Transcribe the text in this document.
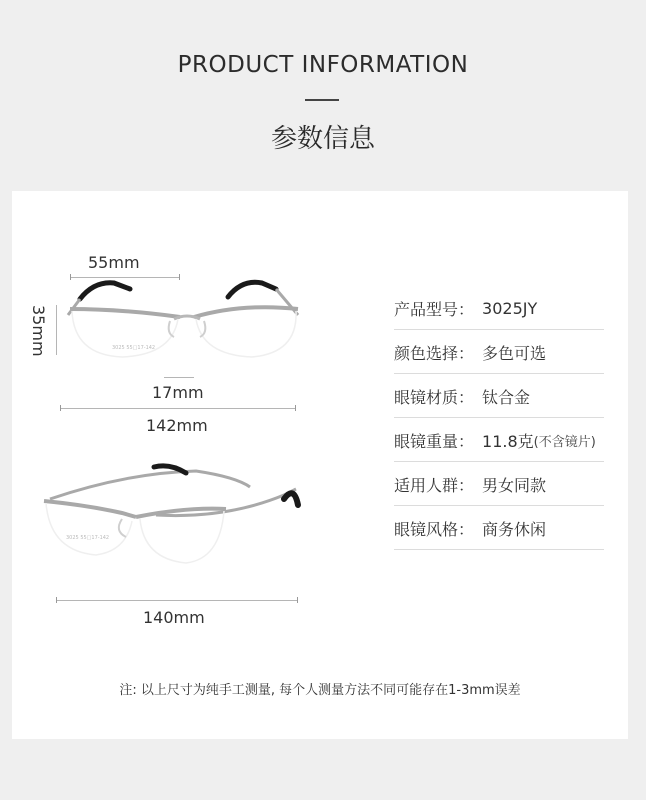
PRODUCT INFORMATION
参数信息
55mm
35mm	3025 55□17-142
17mm
142mm
3025 55□17-142
140mm
产品型号 ： 3025JY
颜色选择 ： 多色可选
眼镜材质 ： 钛合金
眼镜重量 ： 11.8克 (不含镜片)
适用人群 ： 男女同款
眼镜风格 ： 商务休闲
注: 以上尺寸为纯手工测量, 每个人测量方法不同可能存在1-3mm误差
